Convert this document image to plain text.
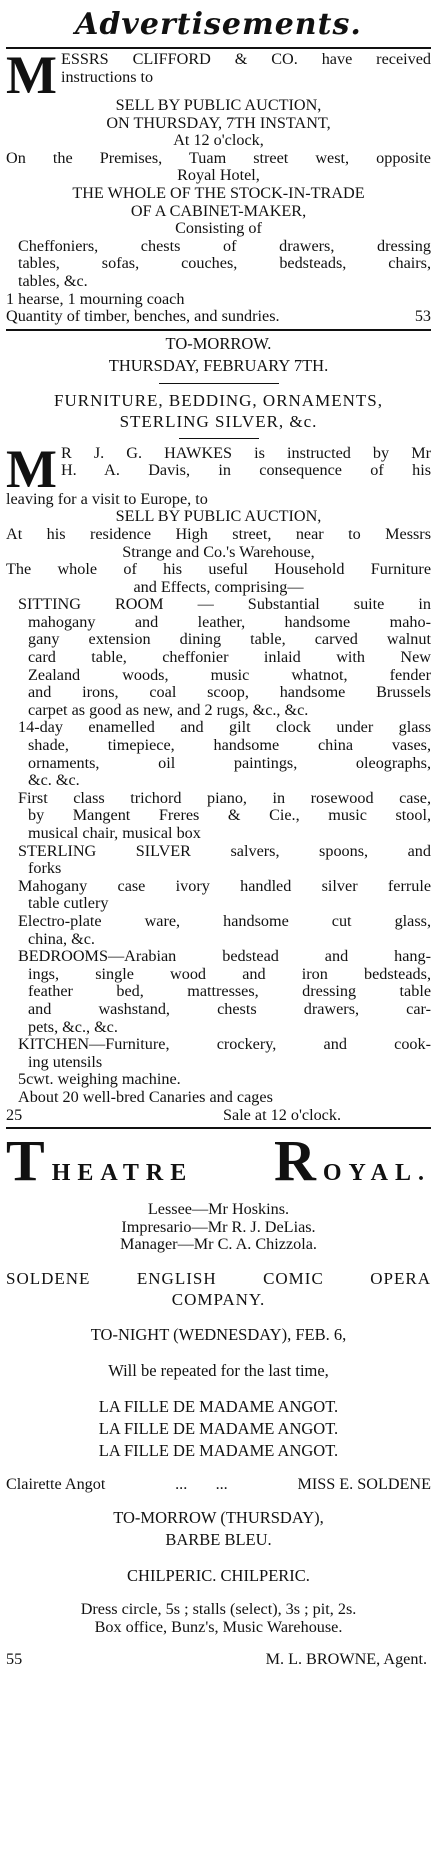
Advertisements.
M ESSRS CLIFFORD & CO. have received
instructions to
SELL BY PUBLIC AUCTION,
ON THURSDAY, 7TH INSTANT,
At 12 o'clock,
On the Premises, Tuam street west, opposite
Royal Hotel,
THE WHOLE OF THE STOCK-IN-TRADE
OF A CABINET-MAKER,
Consisting of
Cheffoniers, chests of drawers, dressing
tables, sofas, couches, bedsteads, chairs,
tables, &c.
1 hearse, 1 mourning coach
Quantity of timber, benches, and sundries.	53
TO-MORROW.
THURSDAY, FEBRUARY 7TH.
FURNITURE, BEDDING, ORNAMENTS,
STERLING SILVER, &c.
M R J. G. HAWKES is instructed by Mr
H. A. Davis, in consequence of his
leaving for a visit to Europe, to
SELL BY PUBLIC AUCTION,
At his residence High street, near to Messrs
Strange and Co.'s Warehouse,
The whole of his useful Household Furniture
and Effects, comprising—
SITTING ROOM — Substantial suite in
mahogany and leather, handsome maho-
gany extension dining table, carved walnut
card table, cheffonier inlaid with New
Zealand woods, music whatnot, fender
and irons, coal scoop, handsome Brussels
carpet as good as new, and 2 rugs, &c., &c.
14-day enamelled and gilt clock under glass
shade, timepiece, handsome china vases,
ornaments, oil paintings, oleographs,
&c. &c.
First class trichord piano, in rosewood case,
by Mangent Freres & Cie., music stool,
musical chair, musical box
STERLING SILVER salvers, spoons, and
forks
Mahogany case ivory handled silver ferrule
table cutlery
Electro-plate ware, handsome cut glass,
china, &c.
BEDROOMS—Arabian bedstead and hang-
ings, single wood and iron bedsteads,
feather bed, mattresses, dressing table
and washstand, chests drawers, car-
pets, &c., &c.
KITCHEN—Furniture, crockery, and cook-
ing utensils
5cwt. weighing machine.
About 20 well-bred Canaries and cages
25	Sale at 12 o'clock.
THEATRE ROYAL.
Lessee—Mr Hoskins.
Impresario—Mr R. J. DeLias.
Manager—Mr C. A. Chizzola.
SOLDENE ENGLISH COMIC OPERA
COMPANY.
TO-NIGHT (WEDNESDAY), FEB. 6,
Will be repeated for the last time,
LA FILLE DE MADAME ANGOT.
LA FILLE DE MADAME ANGOT.
LA FILLE DE MADAME ANGOT.
Clairette Angot	...       ...	MISS E. SOLDENE
TO-MORROW (THURSDAY),
BARBE BLEU.
CHILPERIC. CHILPERIC.
Dress circle, 5s ; stalls (select), 3s ; pit, 2s.
Box office, Bunz's, Music Warehouse.
55	M. L. BROWNE, Agent.
